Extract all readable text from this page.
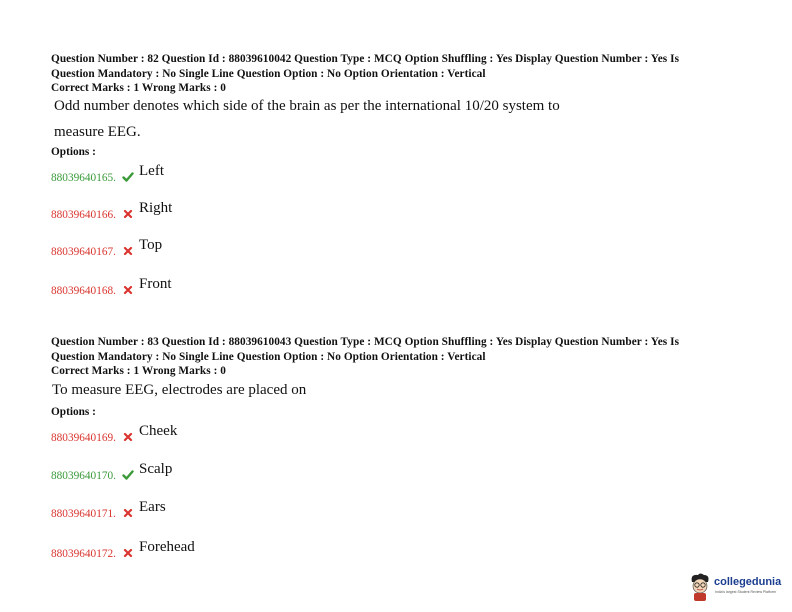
Question Number : 82 Question Id : 88039610042 Question Type : MCQ Option Shuffling : Yes Display Question Number : Yes Is

Question Mandatory : No Single Line Question Option : No Option Orientation : Vertical

Correct Marks : 1 Wrong Marks : 0

Odd number denotes which side of the brain as per the international 10/20 system to
measure EEG.
Options :
88039640165. Left
88039640166. Right
88039640167. Top
88039640168. Front

Question Number : 83 Question Id : 88039610043 Question Type : MCQ Option Shuffling : Yes Display Question Number : Yes Is

Question Mandatory : No Single Line Question Option : No Option Orientation : Vertical

Correct Marks : 1 Wrong Marks : 0

To measure EEG, electrodes are placed on
Options :
88039640169. Cheek
88039640170. Scalp
88039640171. Ears
88039640172. Forehead
collegedunia
India's largest Student Review Platform
